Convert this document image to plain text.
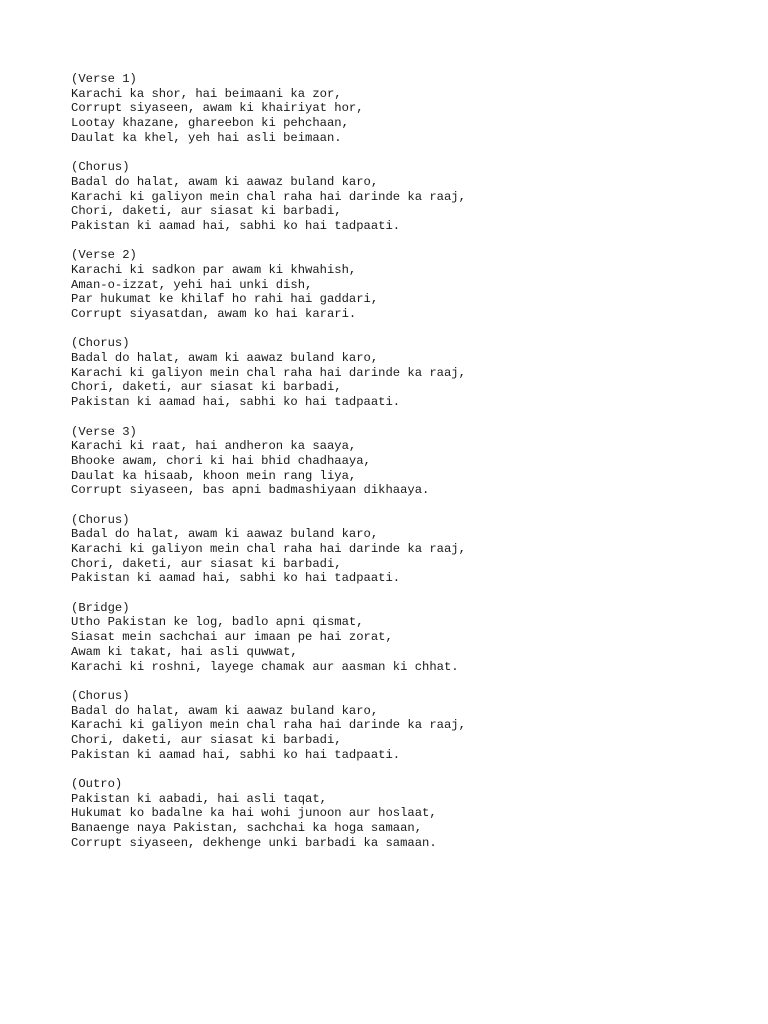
(Verse 1)
Karachi ka shor, hai beimaani ka zor,
Corrupt siyaseen, awam ki khairiyat hor,
Lootay khazane, ghareebon ki pehchaan,
Daulat ka khel, yeh hai asli beimaan.
(Chorus)
Badal do halat, awam ki aawaz buland karo,
Karachi ki galiyon mein chal raha hai darinde ka raaj,
Chori, daketi, aur siasat ki barbadi,
Pakistan ki aamad hai, sabhi ko hai tadpaati.
(Verse 2)
Karachi ki sadkon par awam ki khwahish,
Aman-o-izzat, yehi hai unki dish,
Par hukumat ke khilaf ho rahi hai gaddari,
Corrupt siyasatdan, awam ko hai karari.
(Chorus)
Badal do halat, awam ki aawaz buland karo,
Karachi ki galiyon mein chal raha hai darinde ka raaj,
Chori, daketi, aur siasat ki barbadi,
Pakistan ki aamad hai, sabhi ko hai tadpaati.
(Verse 3)
Karachi ki raat, hai andheron ka saaya,
Bhooke awam, chori ki hai bhid chadhaaya,
Daulat ka hisaab, khoon mein rang liya,
Corrupt siyaseen, bas apni badmashiyaan dikhaaya.
(Chorus)
Badal do halat, awam ki aawaz buland karo,
Karachi ki galiyon mein chal raha hai darinde ka raaj,
Chori, daketi, aur siasat ki barbadi,
Pakistan ki aamad hai, sabhi ko hai tadpaati.
(Bridge)
Utho Pakistan ke log, badlo apni qismat,
Siasat mein sachchai aur imaan pe hai zorat,
Awam ki takat, hai asli quwwat,
Karachi ki roshni, layege chamak aur aasman ki chhat.
(Chorus)
Badal do halat, awam ki aawaz buland karo,
Karachi ki galiyon mein chal raha hai darinde ka raaj,
Chori, daketi, aur siasat ki barbadi,
Pakistan ki aamad hai, sabhi ko hai tadpaati.
(Outro)
Pakistan ki aabadi, hai asli taqat,
Hukumat ko badalne ka hai wohi junoon aur hoslaat,
Banaenge naya Pakistan, sachchai ka hoga samaan,
Corrupt siyaseen, dekhenge unki barbadi ka samaan.
